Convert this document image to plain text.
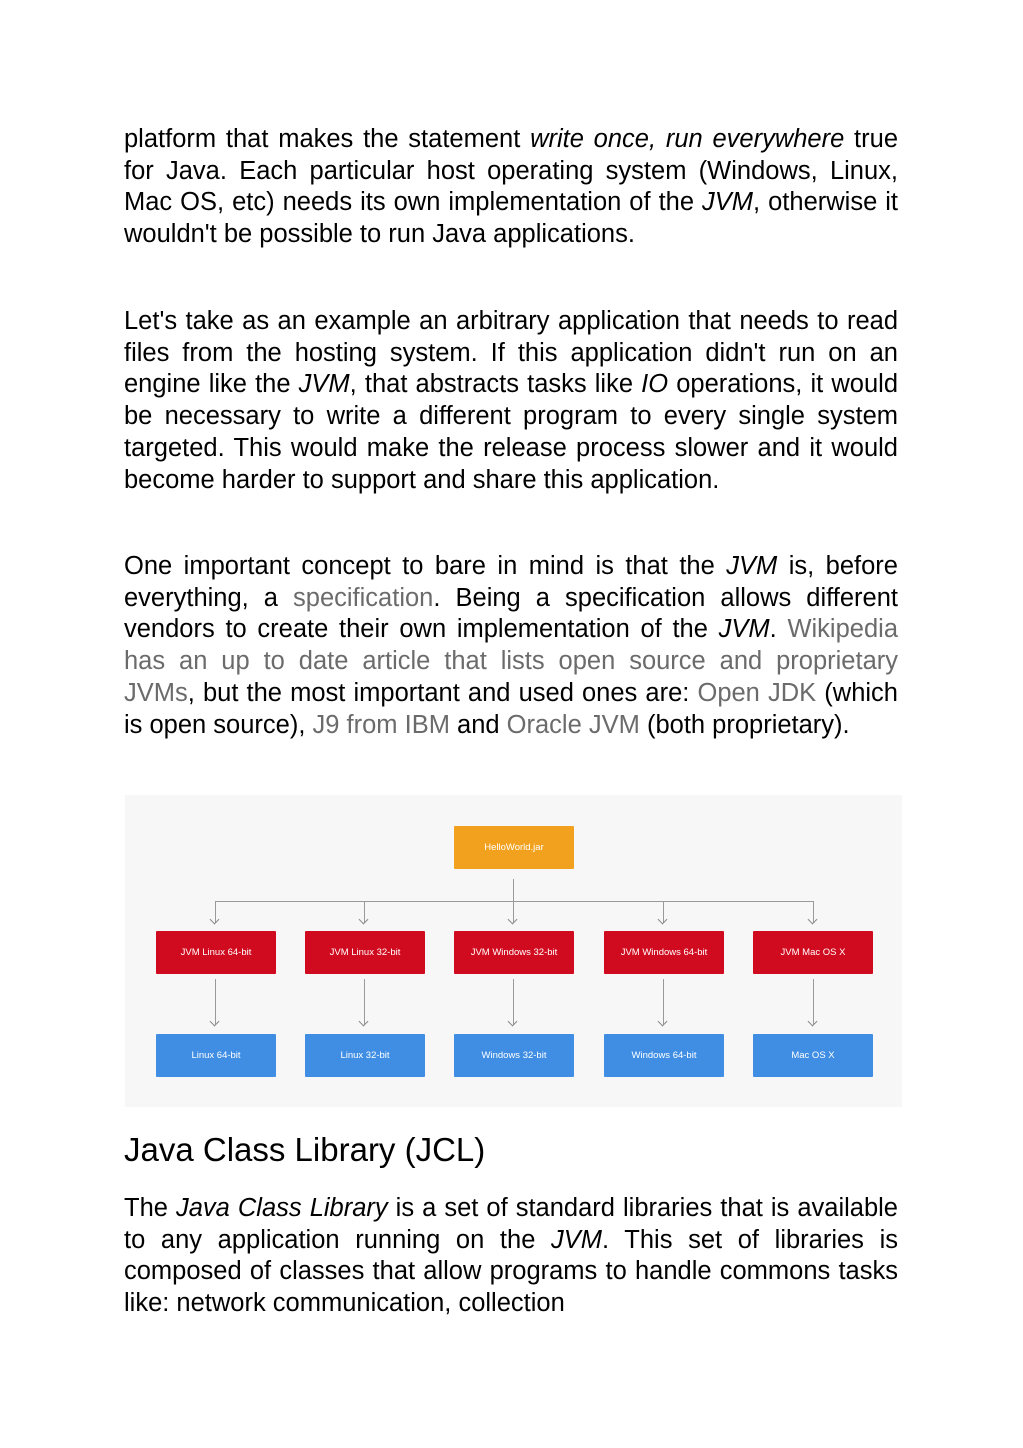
platform that makes the statement write once, run everywhere true for Java. Each particular host operating system (Windows, Linux, Mac OS, etc) needs its own implementation of the JVM, otherwise it wouldn't be possible to run Java applications.

Let's take as an example an arbitrary application that needs to read files from the hosting system. If this application didn't run on an engine like the JVM, that abstracts tasks like IO operations, it would be necessary to write a different program to every single system targeted. This would make the release process slower and it would become harder to support and share this application.

One important concept to bare in mind is that the JVM is, before everything, a specification. Being a specification allows different vendors to create their own implementation of the JVM. Wikipedia has an up to date article that lists open source and proprietary JVMs, but the most important and used ones are: Open JDK (which is open source), J9 from IBM and Oracle JVM (both proprietary).

HelloWorld.jar
JVM Linux 64-bit	JVM Linux 32-bit	JVM Windows 32-bit	JVM Windows 64-bit	JVM Mac OS X
Linux 64-bit	Linux 32-bit	Windows 32-bit	Windows 64-bit	Mac OS X
Java Class Library (JCL)

The Java Class Library is a set of standard libraries that is available to any application running on the JVM. This set of libraries is composed of classes that allow programs to handle commons tasks like: network communication, collection
